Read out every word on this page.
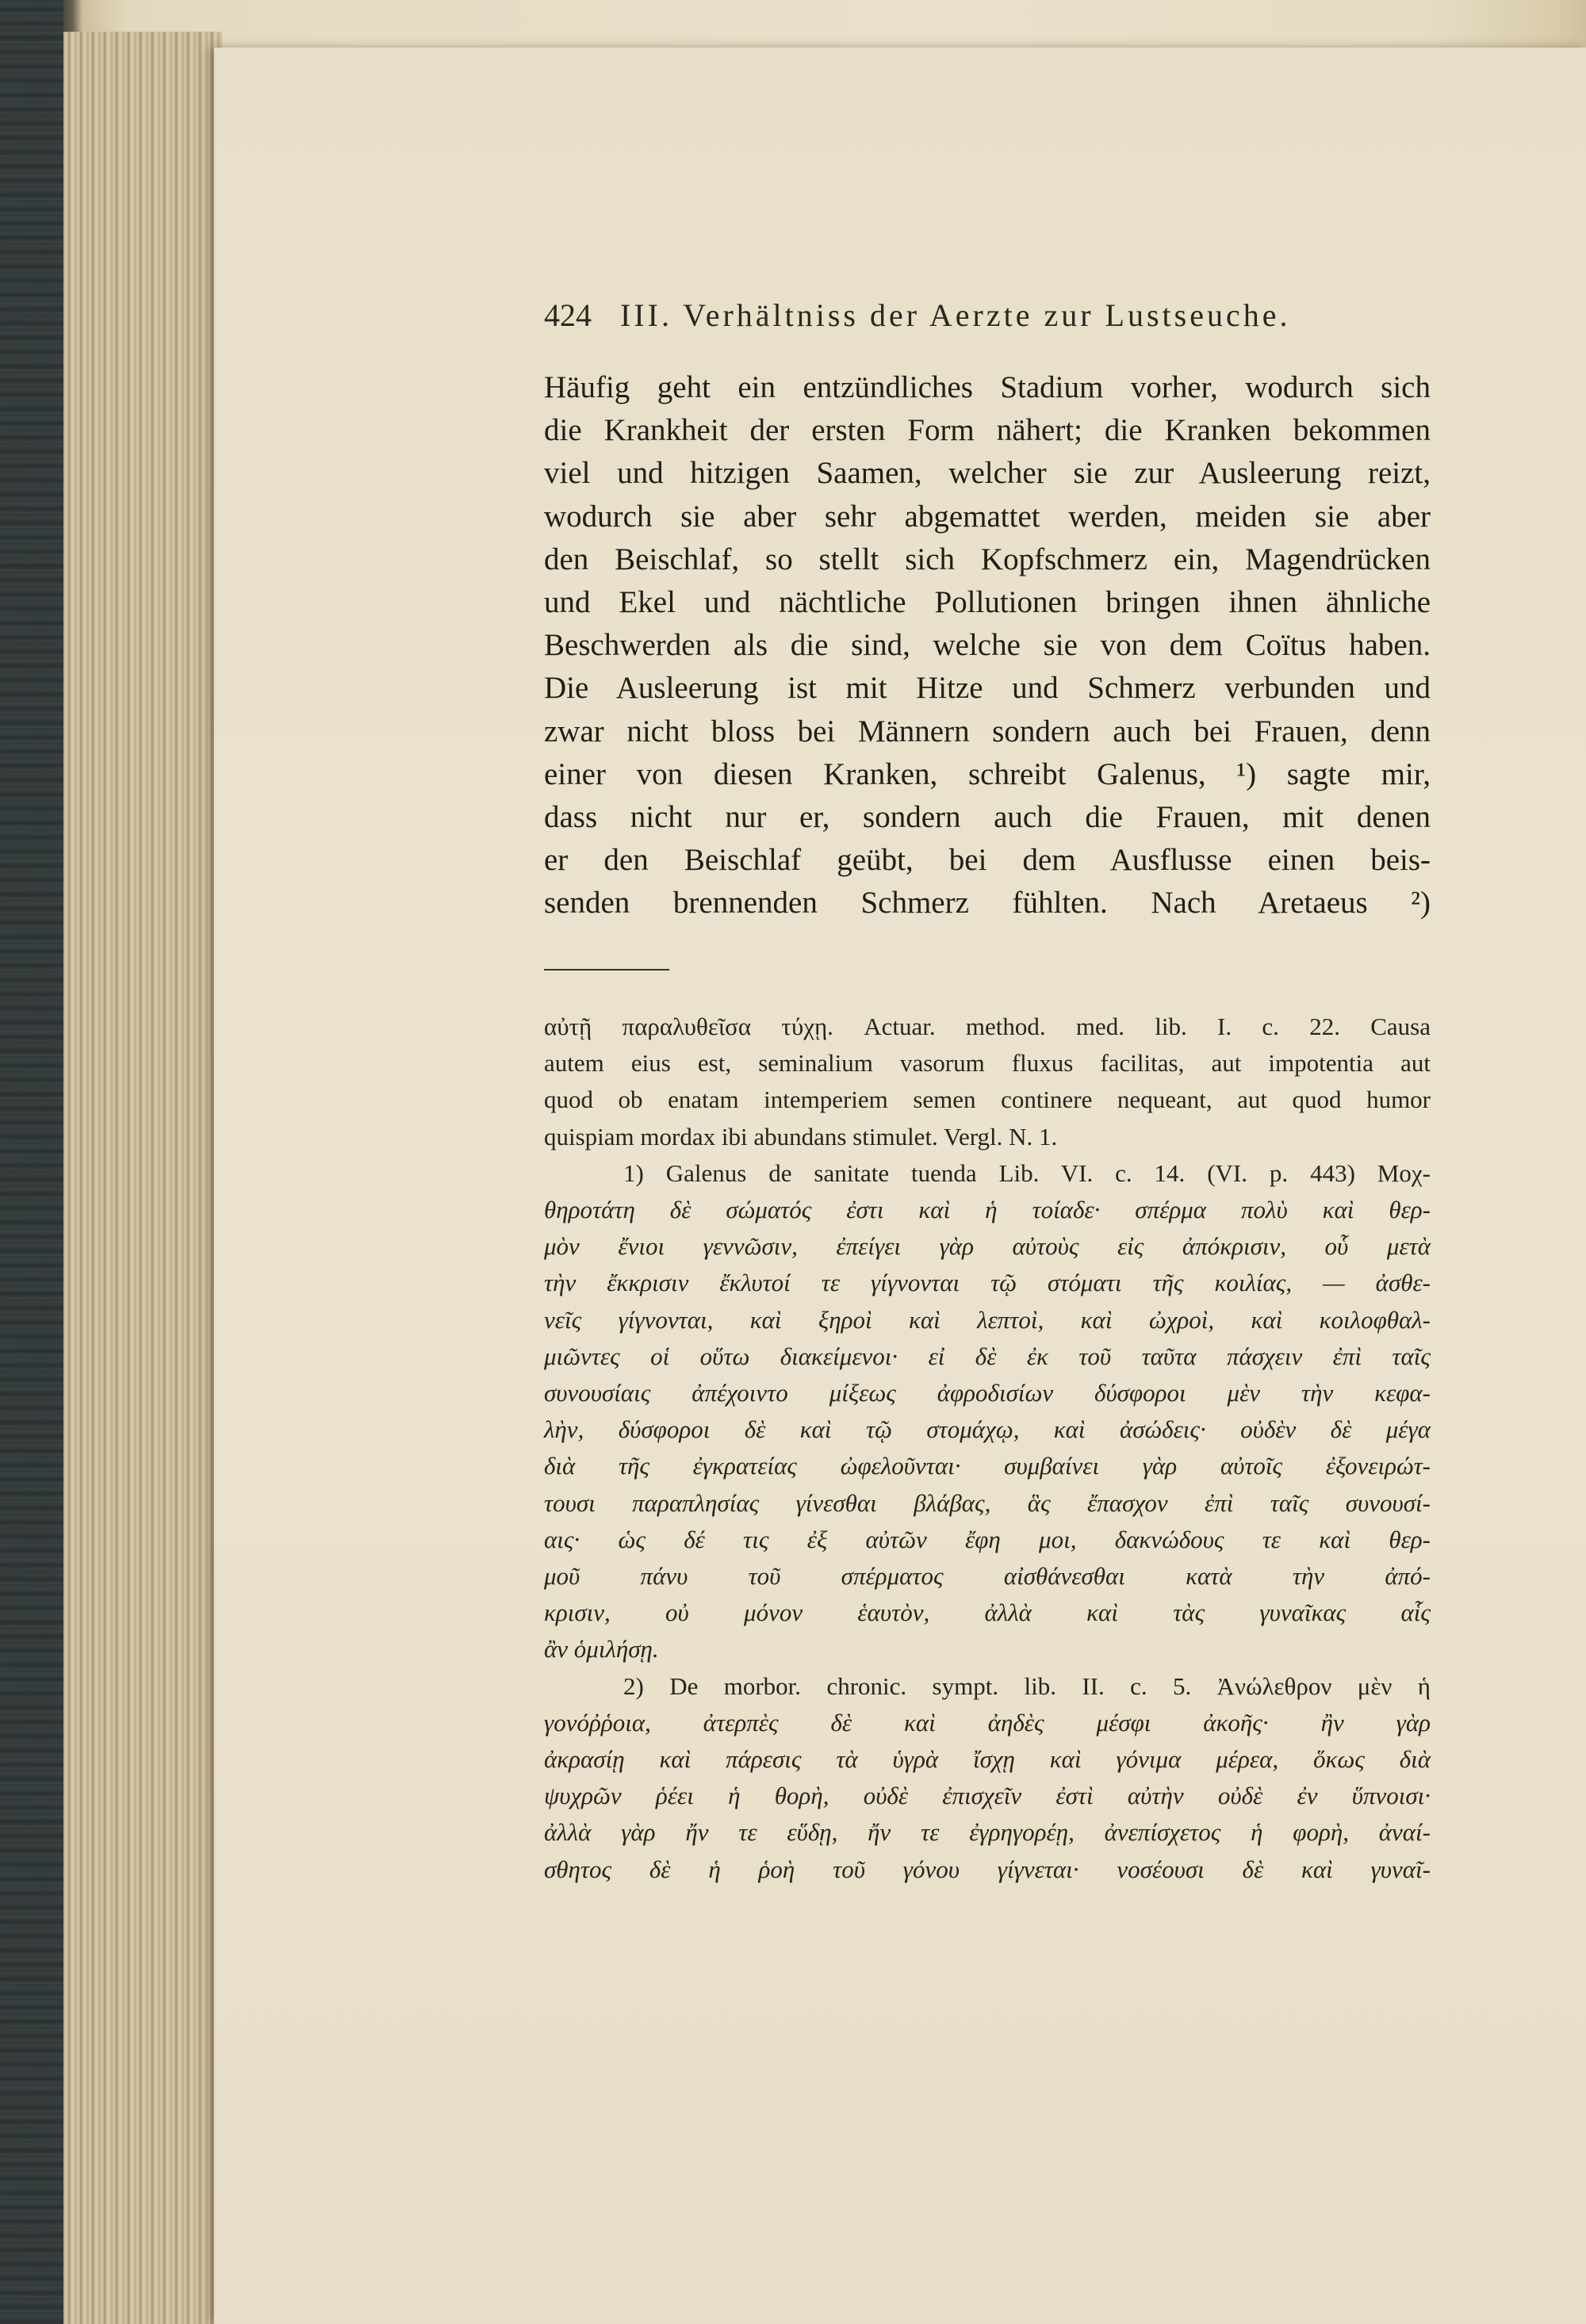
424 III. Verhältniss der Aerzte zur Lustseuche.
Häufig geht ein entzündliches Stadium vorher, wodurch sich
die Krankheit der ersten Form nähert; die Kranken bekommen
viel und hitzigen Saamen, welcher sie zur Ausleerung reizt,
wodurch sie aber sehr abgemattet werden, meiden sie aber
den Beischlaf, so stellt sich Kopfschmerz ein, Magendrücken
und Ekel und nächtliche Pollutionen bringen ihnen ähnliche
Beschwerden als die sind, welche sie von dem Coïtus haben.
Die Ausleerung ist mit Hitze und Schmerz verbunden und
zwar nicht bloss bei Männern sondern auch bei Frauen, denn
einer von diesen Kranken, schreibt Galenus, ¹) sagte mir,
dass nicht nur er, sondern auch die Frauen, mit denen
er den Beischlaf geübt, bei dem Ausflusse einen beis-
senden brennenden Schmerz fühlten. Nach Aretaeus ²)
αὐτῇ παραλυθεῖσα τύχῃ. Actuar. method. med. lib. I. c. 22. Causa
autem eius est, seminalium vasorum fluxus facilitas, aut impotentia aut
quod ob enatam intemperiem semen continere nequeant, aut quod humor
quispiam mordax ibi abundans stimulet. Vergl. N. 1.
1) Galenus de sanitate tuenda Lib. VI. c. 14. (VI. p. 443) Μοχ-
θηροτάτη δὲ σώματός ἐστι καὶ ἡ τοίαδε· σπέρμα πολὺ καὶ θερ-
μὸν ἔνιοι γεννῶσιν, ἐπείγει γὰρ αὐτοὺς εἰς ἀπόκρισιν, οὗ μετὰ
τὴν ἔκκρισιν ἔκλυτοί τε γίγνονται τῷ στόματι τῆς κοιλίας, — ἀσθε-
νεῖς γίγνονται, καὶ ξηροὶ καὶ λεπτοὶ, καὶ ὠχροὶ, καὶ κοιλοφθαλ-
μιῶντες οἱ οὕτω διακείμενοι· εἰ δὲ ἐκ τοῦ ταῦτα πάσχειν ἐπὶ ταῖς
συνουσίαις ἀπέχοιντο μίξεως ἀφροδισίων δύσφοροι μὲν τὴν κεφα-
λὴν, δύσφοροι δὲ καὶ τῷ στομάχῳ, καὶ ἀσώδεις· οὐδὲν δὲ μέγα
διὰ τῆς ἐγκρατείας ὠφελοῦνται· συμβαίνει γὰρ αὐτοῖς ἐξονειρώτ-
τουσι παραπλησίας γίνεσθαι βλάβας, ἃς ἔπασχον ἐπὶ ταῖς συνουσί-
αις· ὡς δέ τις ἐξ αὐτῶν ἔφη μοι, δακνώδους τε καὶ θερ-
μοῦ πάνυ τοῦ σπέρματος αἰσθάνεσθαι κατὰ τὴν ἀπό-
κρισιν, οὐ μόνον ἑαυτὸν, ἀλλὰ καὶ τὰς γυναῖκας αἷς
ἂν ὁμιλήσῃ.
2) De morbor. chronic. sympt. lib. II. c. 5. Ἀνώλεθρον μὲν ἡ
γονόῤῥοια, ἀτερπὲς δὲ καὶ ἀηδὲς μέσφι ἀκοῆς· ἢν γὰρ
ἀκρασίῃ καὶ πάρεσις τὰ ὑγρὰ ἴσχῃ καὶ γόνιμα μέρεα, ὅκως διὰ
ψυχρῶν ῥέει ἡ θορὴ, οὐδὲ ἐπισχεῖν ἐστὶ αὐτὴν οὐδὲ ἐν ὕπνοισι·
ἀλλὰ γὰρ ἤν τε εὕδῃ, ἤν τε ἐγρηγορέῃ, ἀνεπίσχετος ἡ φορὴ, ἀναί-
σθητος δὲ ἡ ῥοὴ τοῦ γόνου γίγνεται· νοσέουσι δὲ καὶ γυναῖ-
